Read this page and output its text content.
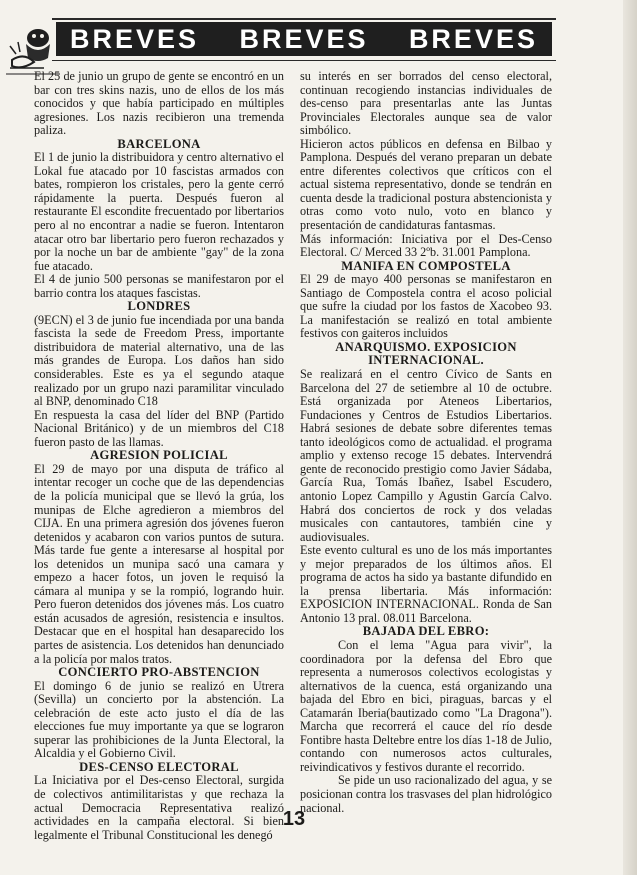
BREVES BREVES BREVES

El 25 de junio un grupo de gente se encontró en un bar con tres skins nazis, uno de ellos de los más conocidos y que había participado en múltiples agresiones. Los nazis recibieron una tremenda paliza.

BARCELONA

El 1 de junio la distribuidora y centro alternativo el Lokal fue atacado por 10 fascistas armados con bates, rompieron los cristales, pero la gente cerró rápidamente la puerta. Después fueron al restaurante El escondite frecuentado por libertarios pero al no encontrar a nadie se fueron. Intentaron atacar otro bar libertario pero fueron rechazados y por la noche un bar de ambiente "gay" de la zona fue atacado.

El 4 de junio 500 personas se manifestaron por el barrio contra los ataques fascistas.

LONDRES

(9ECN) el 3 de junio fue incendiada por una banda fascista la sede de Freedom Press, importante distribuidora de material alternativo, una de las más grandes de Europa. Los daños han sido considerables. Este es ya el segundo ataque realizado por un grupo nazi paramilitar vinculado al BNP, denominado C18

En respuesta la casa del líder del BNP (Partido Nacional Británico) y de un miembros del C18 fueron pasto de las llamas.

AGRESION POLICIAL

El 29 de mayo por una disputa de tráfico al intentar recoger un coche que de las dependencias de la policía municipal que se llevó la grúa, los munipas de Elche agredieron a miembros del CIJA. En una primera agresión dos jóvenes fueron detenidos y acabaron con varios puntos de sutura. Más tarde fue gente a interesarse al hospital por los detenidos un munipa sacó una camara y empezo a hacer fotos, un joven le requisó la cámara al munipa y se la rompió, logrando huir. Pero fueron detenidos dos jóvenes más. Los cuatro están acusados de agresión, resistencia e insultos. Destacar que en el hospital han desaparecido los partes de asistencia. Los detenidos han denunciado a la policía por malos tratos.

CONCIERTO PRO-ABSTENCION

El domingo 6 de junio se realizó en Utrera (Sevilla) un concierto por la abstención. La celebración de este acto justo el día de las elecciones fue muy importante ya que se lograron superar las prohibiciones de la Junta Electoral, la Alcaldia y el Gobierno Civil.

DES-CENSO ELECTORAL

La Iniciativa por el Des-censo Electoral, surgida de colectivos antimilitaristas y que rechaza la actual Democracia Representativa realizó actividades en la campaña electoral. Si bien legalmente el Tribunal Constitucional les denegó

su interés en ser borrados del censo electoral, continuan recogiendo instancias individuales de des-censo para presentarlas ante las Juntas Provinciales Electorales aunque sea de valor simbólico.

Hicieron actos públicos en defensa en Bilbao y Pamplona. Después del verano preparan un debate entre diferentes colectivos que críticos con el actual sistema representativo, donde se tendrán en cuenta desde la tradicional postura abstencionista y otras como voto nulo, voto en blanco y presentación de candidaturas fantasmas.

Más información: Iniciativa por el Des-Censo Electoral. C/ Merced 33 2ºb. 31.001 Pamplona.

MANIFA EN COMPOSTELA

El 29 de mayo 400 personas se manifestaron en Santiago de Compostela contra el acoso policial que sufre la ciudad por los fastos de Xacobeo 93. La manifestación se realizó en total ambiente festivos con gaiteros incluidos

ANARQUISMO. EXPOSICION INTERNACIONAL.

Se realizará en el centro Cívico de Sants en Barcelona del 27 de setiembre al 10 de octubre. Está organizada por Ateneos Libertarios, Fundaciones y Centros de Estudios Libertarios. Habrá sesiones de debate sobre diferentes temas tanto ideológicos como de actualidad. el programa amplio y extenso recoge 15 debates. Intervendrá gente de reconocido prestigio como Javier Sádaba, García Rua, Tomás Ibañez, Isabel Escudero, antonio Lopez Campillo y Agustin García Calvo. Habrá dos conciertos de rock y dos veladas musicales con cantautores, también cine y audiovisuales.

Este evento cultural es uno de los más importantes y mejor preparados de los últimos años. El programa de actos ha sido ya bastante difundido en la prensa libertaria. Más información: EXPOSICION INTERNACIONAL. Ronda de San Antonio 13 pral. 08.011 Barcelona.

BAJADA DEL EBRO:

Con el lema "Agua para vivir", la coordinadora por la defensa del Ebro que representa a numerosos colectivos ecologistas y alternativos de la cuenca, está organizando una bajada del Ebro en bici, piraguas, barcas y el Catamarán Iberia(bautizado como "La Dragona"). Marcha que recorrerá el cauce del río desde Fontibre hasta Deltebre entre los días 1-18 de Julio, contando con numerosos actos culturales, reivindicativos y festivos durante el recorrido.

Se pide un uso racionalizado del agua, y se posicionan contra los trasvases del plan hidrológico nacional.

13
